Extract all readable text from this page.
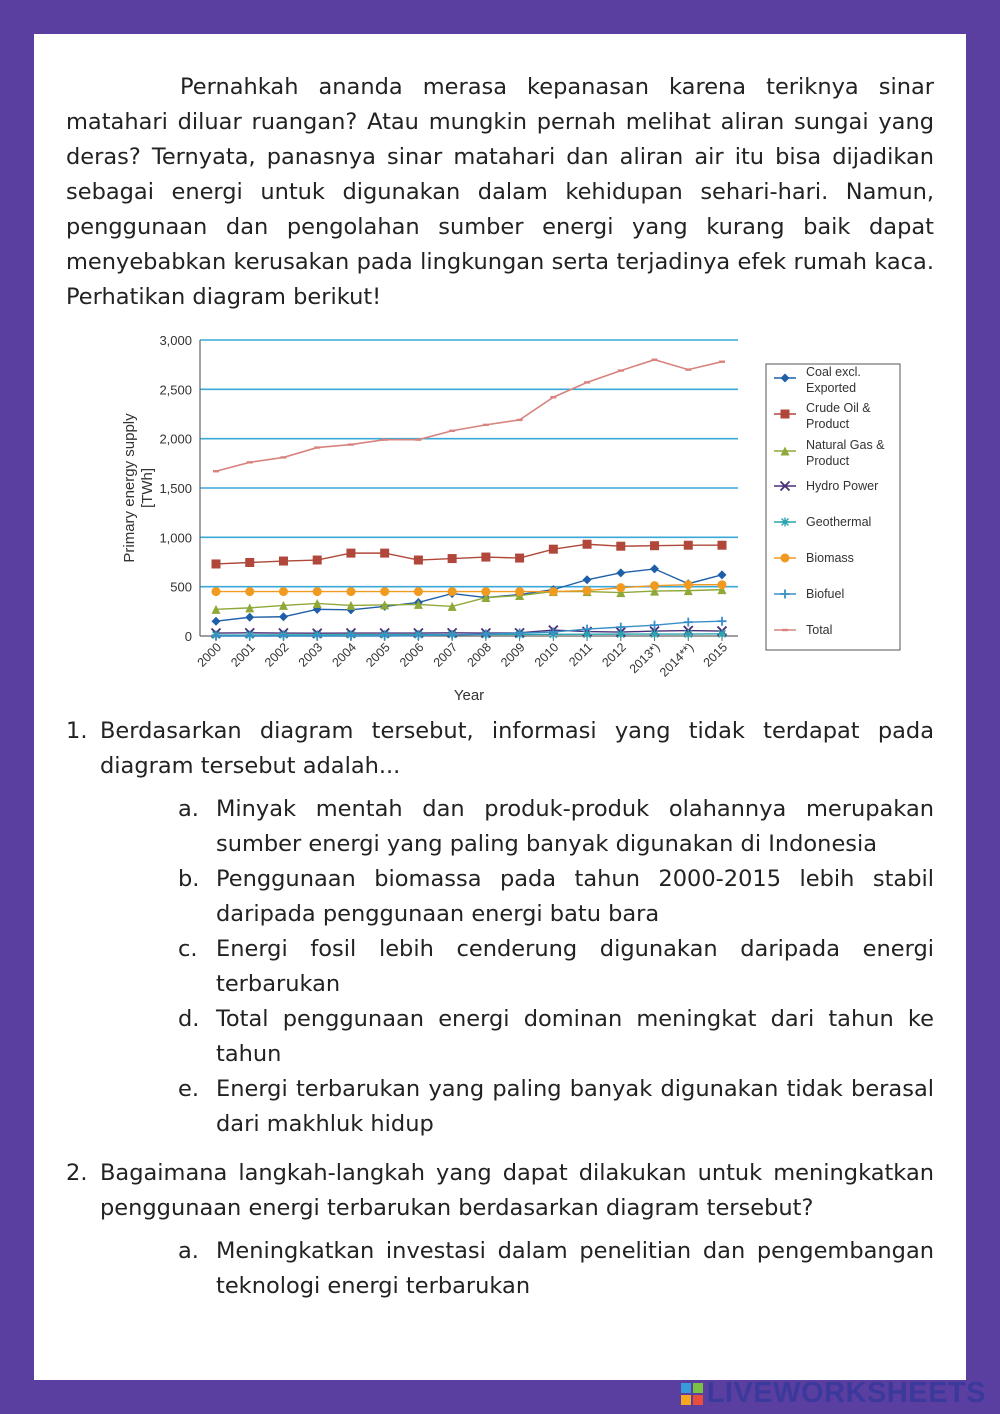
Pernahkah ananda merasa kepanasan karena teriknya sinar matahari diluar ruangan? Atau mungkin pernah melihat aliran sungai yang deras? Ternyata, panasnya sinar matahari dan aliran air itu bisa dijadikan sebagai energi untuk digunakan dalam kehidupan sehari-hari. Namun, penggunaan dan pengolahan sumber energi yang kurang baik dapat menyebabkan kerusakan pada lingkungan serta terjadinya efek rumah kaca. Perhatikan diagram berikut!

0
500
1,000
1,500
2,000
2,500
3,000
2000 2001 2002 2003 2004 2005 2006 2007 2008 2009 2010 2011 2012
2013*)
2014**) 2015
Year
Primary energy supply [TWh]
Coal excl.
Exported
Crude Oil &
Product
Natural Gas &
Product
Hydro Power
Geothermal
Biomass
Biofuel
Total
1. Berdasarkan diagram tersebut, informasi yang tidak terdapat pada diagram tersebut adalah...
a. Minyak mentah dan produk-produk olahannya merupakan sumber energi yang paling banyak digunakan di Indonesia
b. Penggunaan biomassa pada tahun 2000-2015 lebih stabil daripada penggunaan energi batu bara
c. Energi fosil lebih cenderung digunakan daripada energi terbarukan
d. Total penggunaan energi dominan meningkat dari tahun ke tahun
e. Energi terbarukan yang paling banyak digunakan tidak berasal dari makhluk hidup
2. Bagaimana langkah-langkah yang dapat dilakukan untuk meningkatkan penggunaan energi terbarukan berdasarkan diagram tersebut?
a. Meningkatkan investasi dalam penelitian dan pengembangan teknologi energi terbarukan
LIVEWORKSHEETS
